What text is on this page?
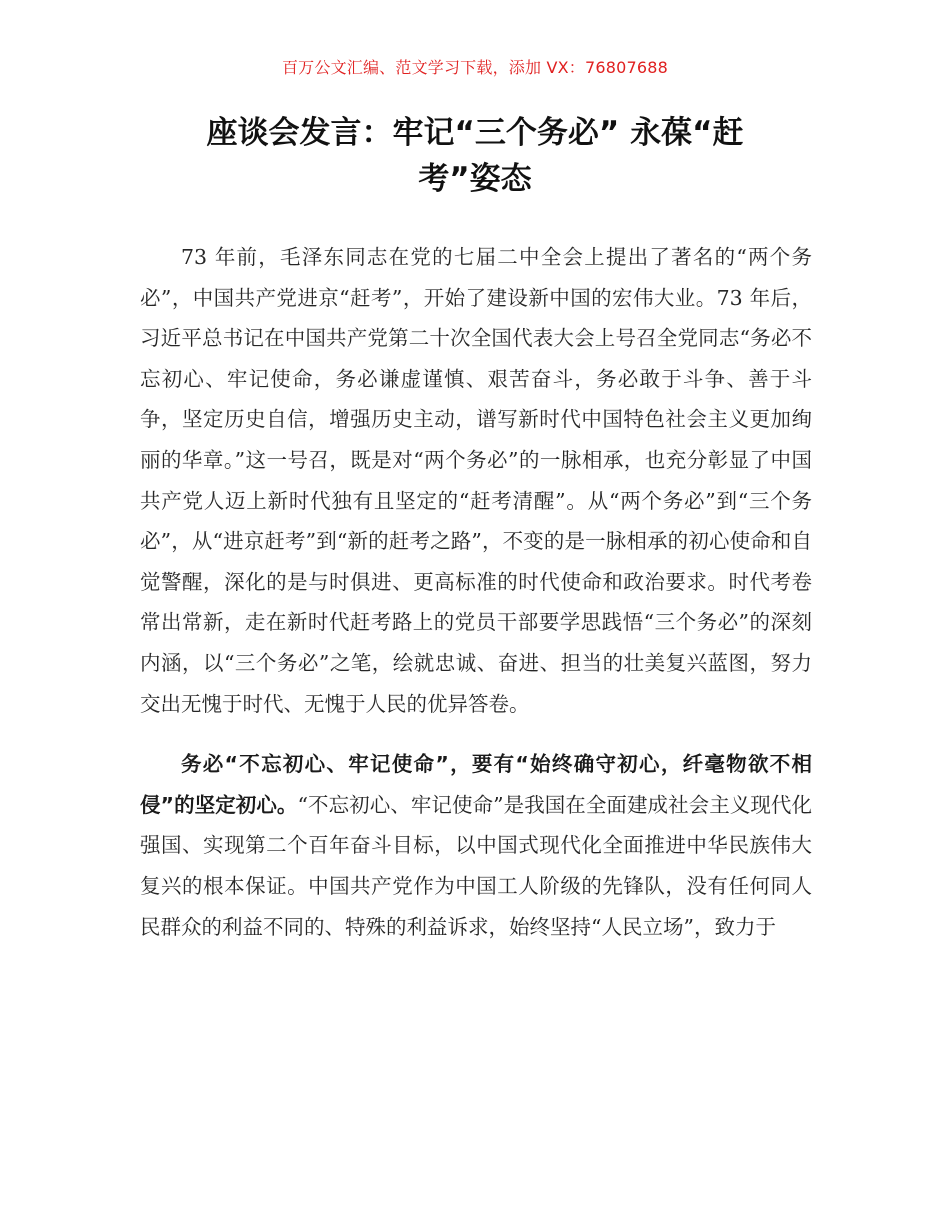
百万公文汇编、范文学习下载，添加 VX：76807688
座谈会发言：牢记“三个务必” 永葆“赶
考”姿态

73 年前，毛泽东同志在党的七届二中全会上提出了著名的“两个务必”，中国共产党进京“赶考”，开始了建设新中国的宏伟大业。73 年后，习近平总书记在中国共产党第二十次全国代表大会上号召全党同志“务必不忘初心、牢记使命，务必谦虚谨慎、艰苦奋斗，务必敢于斗争、善于斗争，坚定历史自信，增强历史主动，谱写新时代中国特色社会主义更加绚丽的华章。”这一号召，既是对“两个务必”的一脉相承，也充分彰显了中国共产党人迈上新时代独有且坚定的“赶考清醒”。从“两个务必”到“三个务必”，从“进京赶考”到“新的赶考之路”，不变的是一脉相承的初心使命和自觉警醒，深化的是与时俱进、更高标准的时代使命和政治要求。时代考卷常出常新，走在新时代赶考路上的党员干部要学思践悟“三个务必”的深刻内涵，以“三个务必”之笔，绘就忠诚、奋进、担当的壮美复兴蓝图，努力交出无愧于时代、无愧于人民的优异答卷。

务必“不忘初心、牢记使命”，要有“始终确守初心，纤毫物欲不相侵”的坚定初心。“不忘初心、牢记使命”是我国在全面建成社会主义现代化强国、实现第二个百年奋斗目标，以中国式现代化全面推进中华民族伟大复兴的根本保证。中国共产党作为中国工人阶级的先锋队，没有任何同人民群众的利益不同的、特殊的利益诉求，始终坚持“人民立场”，致力于
